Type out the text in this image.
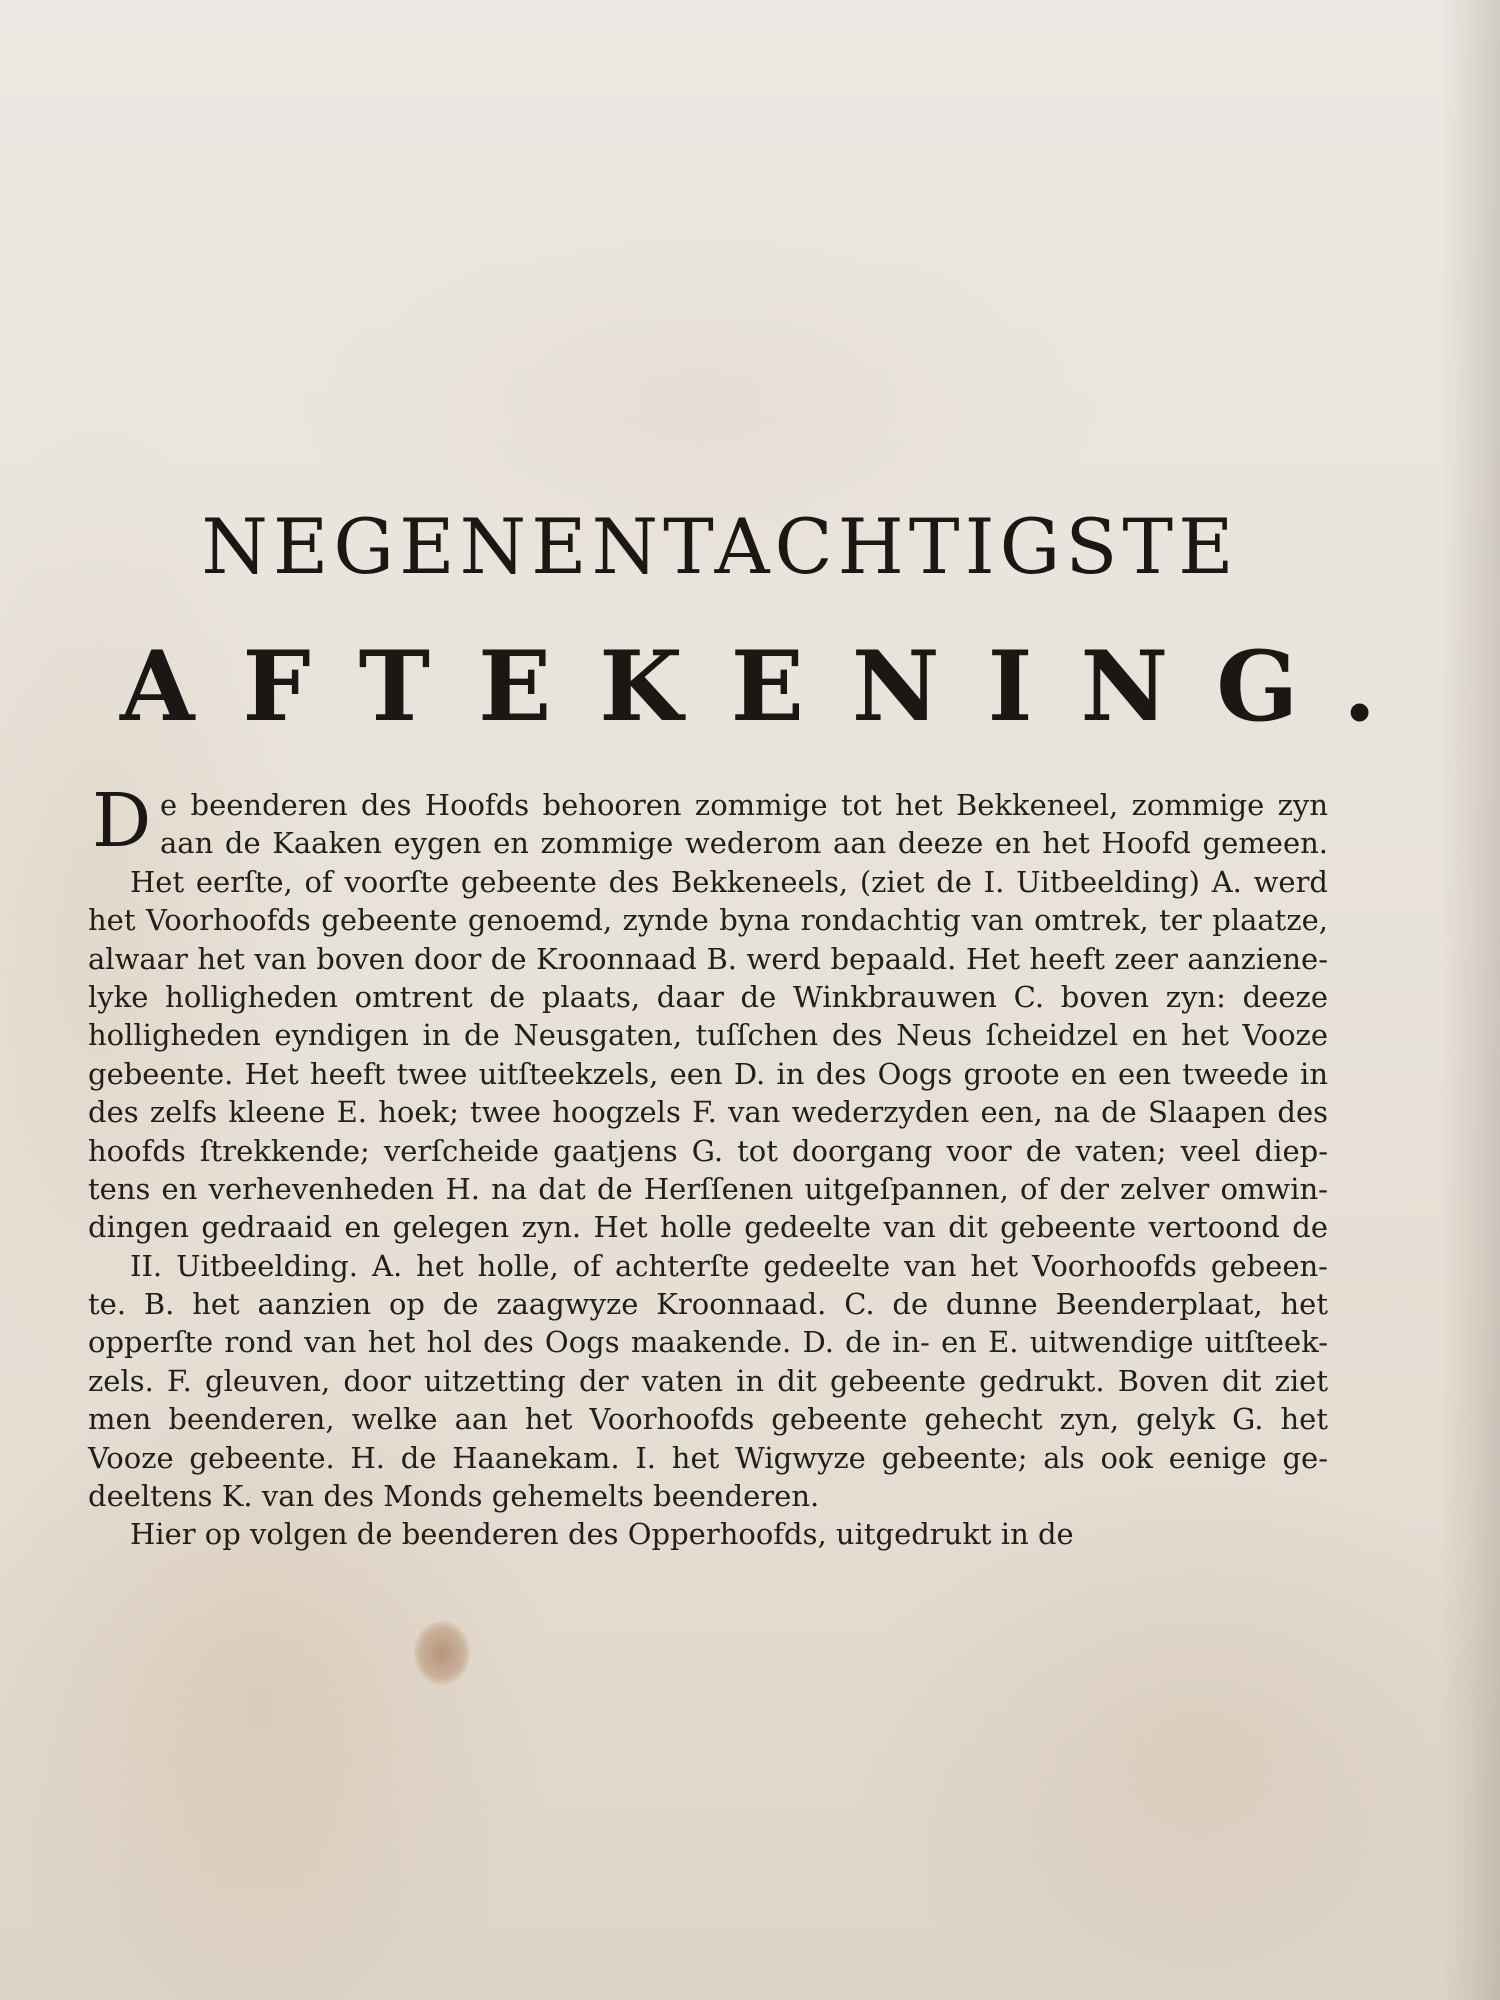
NEGENENTACHTIGSTE
AFTEKENING.
D e beenderen des Hoofds behooren zommige tot het Bekkeneel, zommige zyn
aan de Kaaken eygen en zommige wederom aan deeze en het Hoofd gemeen.
Het eerſte, of voorſte gebeente des Bekkeneels, (ziet de I. Uitbeelding) A. werd
het Voorhoofds gebeente genoemd, zynde byna rondachtig van omtrek, ter plaatze,
alwaar het van boven door de Kroonnaad B. werd bepaald. Het heeft zeer aanziene-
lyke holligheden omtrent de plaats, daar de Winkbrauwen C. boven zyn: deeze
holligheden eyndigen in de Neusgaten, tuſſchen des Neus ſcheidzel en het Vooze
gebeente. Het heeft twee uitſteekzels, een D. in des Oogs groote en een tweede in
des zelfs kleene E. hoek; twee hoogzels F. van wederzyden een, na de Slaapen des
hoofds ſtrekkende; verſcheide gaatjens G. tot doorgang voor de vaten; veel diep-
tens en verhevenheden H. na dat de Herſſenen uitgeſpannen, of der zelver omwin-
dingen gedraaid en gelegen zyn. Het holle gedeelte van dit gebeente vertoond de
II. Uitbeelding. A. het holle, of achterſte gedeelte van het Voorhoofds gebeen-
te. B. het aanzien op de zaagwyze Kroonnaad. C. de dunne Beenderplaat, het
opperſte rond van het hol des Oogs maakende. D. de in- en E. uitwendige uitſteek-
zels. F. gleuven, door uitzetting der vaten in dit gebeente gedrukt. Boven dit ziet
men beenderen, welke aan het Voorhoofds gebeente gehecht zyn, gelyk G. het
Vooze gebeente. H. de Haanekam. I. het Wigwyze gebeente; als ook eenige ge-
deeltens K. van des Monds gehemelts beenderen.
Hier op volgen de beenderen des Opperhoofds, uitgedrukt in de
